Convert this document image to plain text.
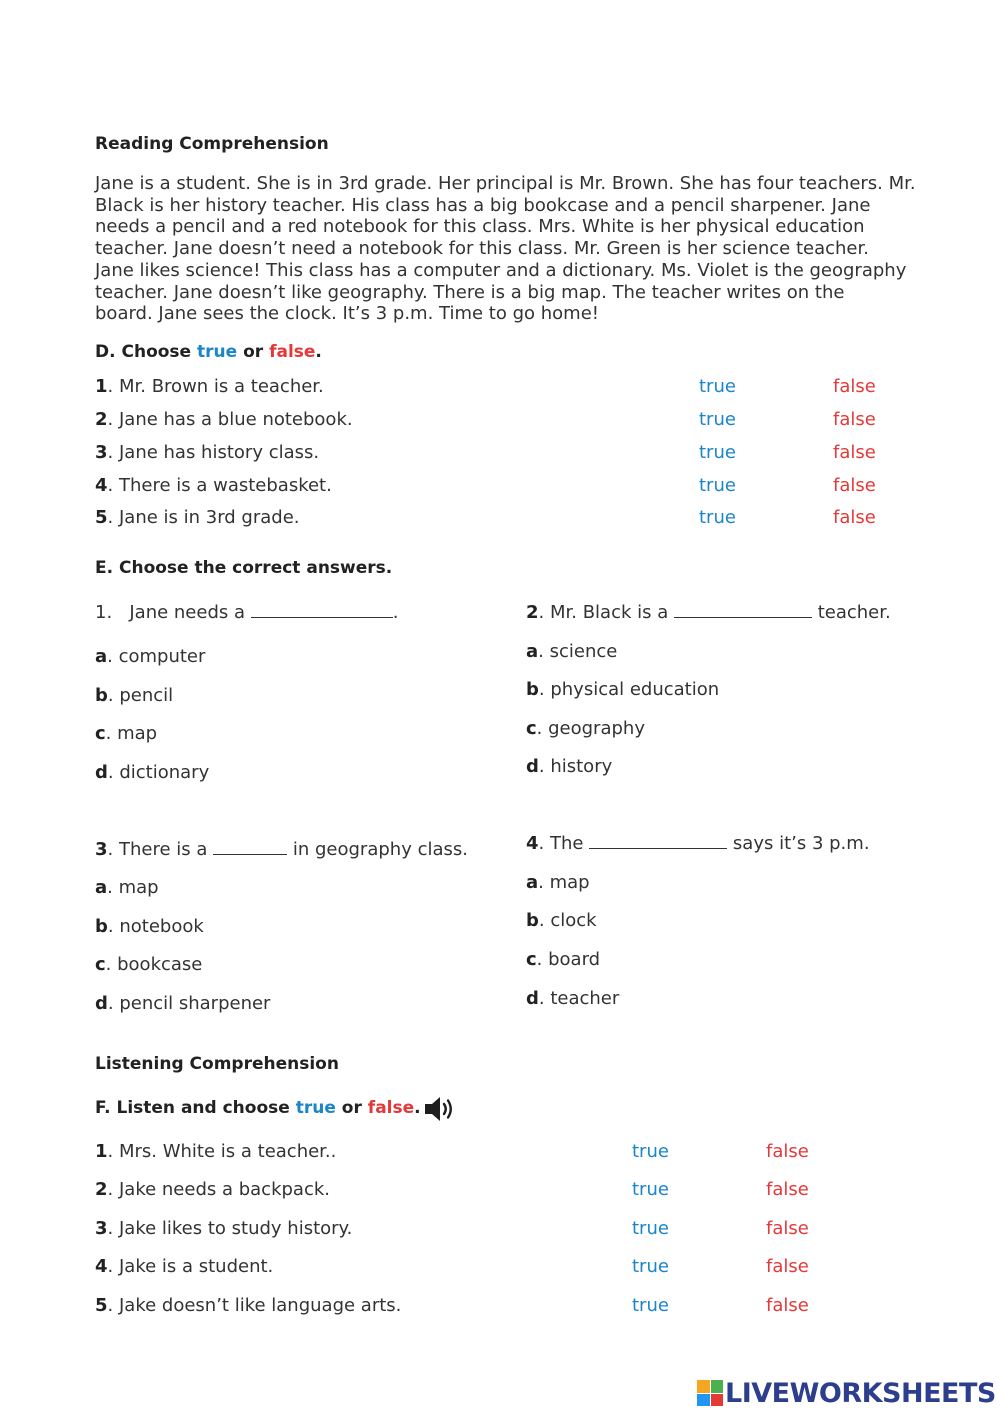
Reading Comprehension
Jane is a student. She is in 3rd grade. Her principal is Mr. Brown. She has four teachers. Mr.
Black is her history teacher. His class has a big bookcase and a pencil sharpener. Jane
needs a pencil and a red notebook for this class. Mrs. White is her physical education
teacher. Jane doesn’t need a notebook for this class. Mr. Green is her science teacher.
Jane likes science! This class has a computer and a dictionary. Ms. Violet is the geography
teacher. Jane doesn’t like geography. There is a big map. The teacher writes on the
board. Jane sees the clock. It’s 3 p.m. Time to go home!
D. Choose true or false.
1. Mr. Brown is a teacher.	true	false
2. Jane has a blue notebook.	true	false
3. Jane has history class.	true	false
4. There is a wastebasket.	true	false
5. Jane is in 3rd grade.	true	false
E. Choose the correct answers.
1. Jane needs a	.
a. computer
b. pencil
c. map
d. dictionary
2. Mr. Black is a	teacher.
a. science
b. physical education
c. geography
d. history
3. There is a	in geography class.
a. map
b. notebook
c. bookcase
d. pencil sharpener
4. The	says it’s 3 p.m.
a. map
b. clock
c. board
d. teacher
Listening Comprehension
F. Listen and choose true or false.
1. Mrs. White is a teacher..	true	false
2. Jake needs a backpack.	true	false
3. Jake likes to study history.	true	false
4. Jake is a student.	true	false
5. Jake doesn’t like language arts.	true	false
LIVEWORKSHEETS
